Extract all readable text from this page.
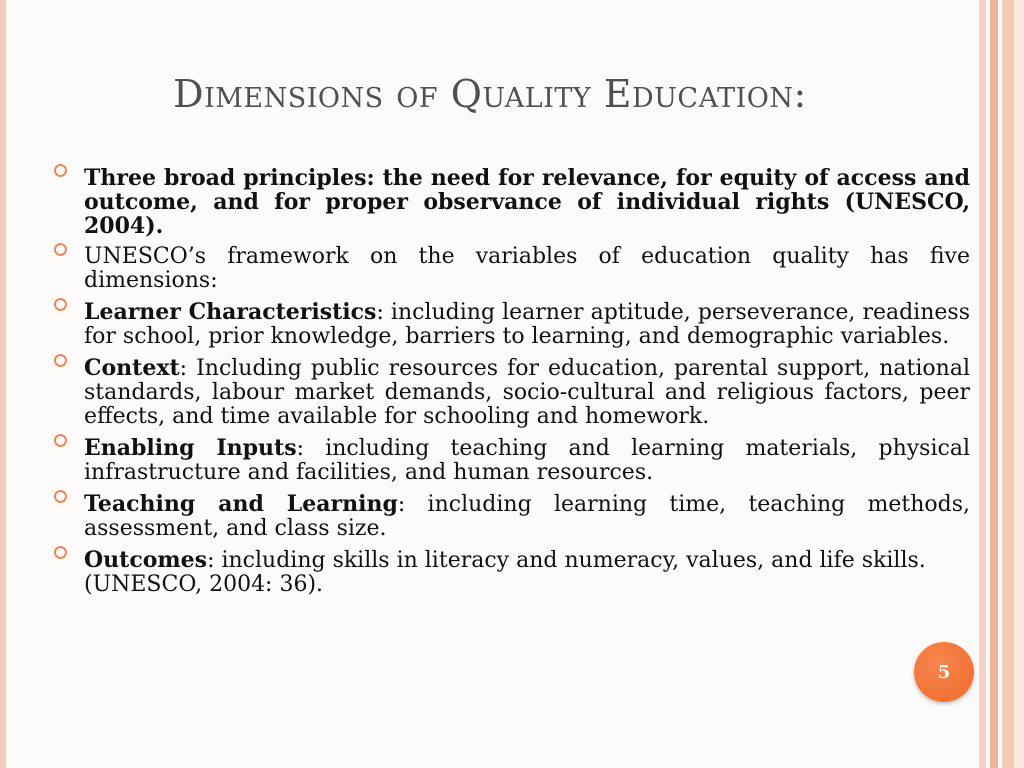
Dimensions of Quality Education:
Three broad principles: the need for relevance, for equity of access and outcome, and for proper observance of individual rights (UNESCO, 2004).
UNESCO’s framework on the variables of education quality has five dimensions:
Learner Characteristics: including learner aptitude, perseverance, readiness for school, prior knowledge, barriers to learning, and demographic variables.
Context: Including public resources for education, parental support, national standards, labour market demands, socio-cultural and religious factors, peer effects, and time available for schooling and homework.
Enabling Inputs: including teaching and learning materials, physical infrastructure and facilities, and human resources.
Teaching and Learning: including learning time, teaching methods, assessment, and class size.
Outcomes: including skills in literacy and numeracy, values, and life skills.
(UNESCO, 2004: 36).
5
